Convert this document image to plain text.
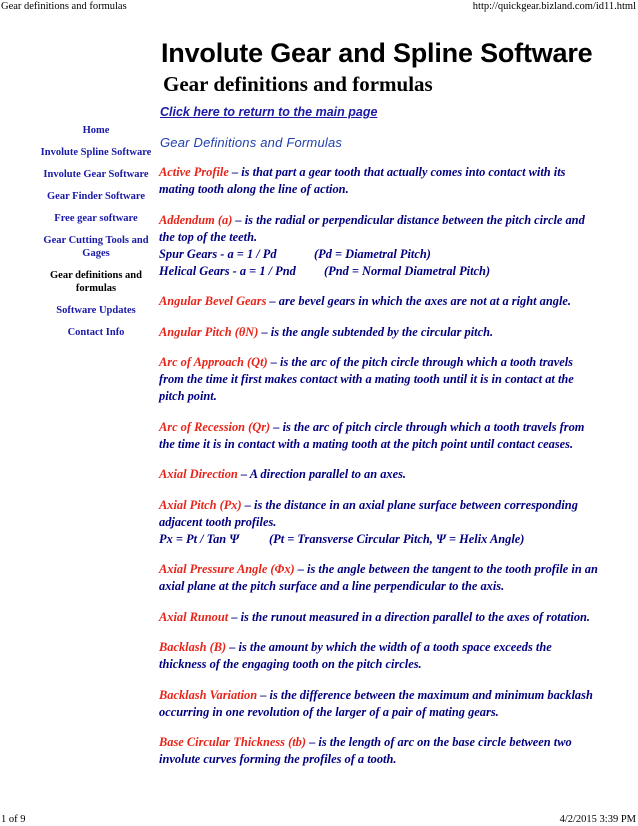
Gear definitions and formulas	http://quickgear.bizland.com/id11.html
Involute Gear and Spline Software
Gear definitions and formulas
Click here to return to the main page
Gear Definitions and Formulas
Home
Involute Spline Software
Involute Gear Software
Gear Finder Software
Free gear software
Gear Cutting Tools and Gages
Gear definitions and formulas
Software Updates
Contact Info

Active Profile – is that part a gear tooth that actually comes into contact with its mating tooth along the line of action.

Addendum (a) – is the radial or perpendicular distance between the pitch circle and the top of the teeth.
Spur Gears - a = 1 / Pd	(Pd = Diametral Pitch)
Helical Gears - a = 1 / Pnd (Pnd = Normal Diametral Pitch)

Angular Bevel Gears – are bevel gears in which the axes are not at a right angle.

Angular Pitch (θN) – is the angle subtended by the circular pitch.

Arc of Approach (Qt) – is the arc of the pitch circle through which a tooth travels from the time it first makes contact with a mating tooth until it is in contact at the pitch point.

Arc of Recession (Qr) – is the arc of pitch circle through which a tooth travels from the time it is in contact with a mating tooth at the pitch point until contact ceases.

Axial Direction – A direction parallel to an axes.

Axial Pitch (Px) – is the distance in an axial plane surface between corresponding adjacent tooth profiles.
Px = Pt / Tan Ψ (Pt = Transverse Circular Pitch, Ψ = Helix Angle)

Axial Pressure Angle (Φx) – is the angle between the tangent to the tooth profile in an axial plane at the pitch surface and a line perpendicular to the axis.

Axial Runout – is the runout measured in a direction parallel to the axes of rotation.

Backlash (B) – is the amount by which the width of a tooth space exceeds the thickness of the engaging tooth on the pitch circles.

Backlash Variation – is the difference between the maximum and minimum backlash occurring in one revolution of the larger of a pair of mating gears.

Base Circular Thickness (tb) – is the length of arc on the base circle between two involute curves forming the profiles of a tooth.

1 of 9	4/2/2015 3:39 PM
